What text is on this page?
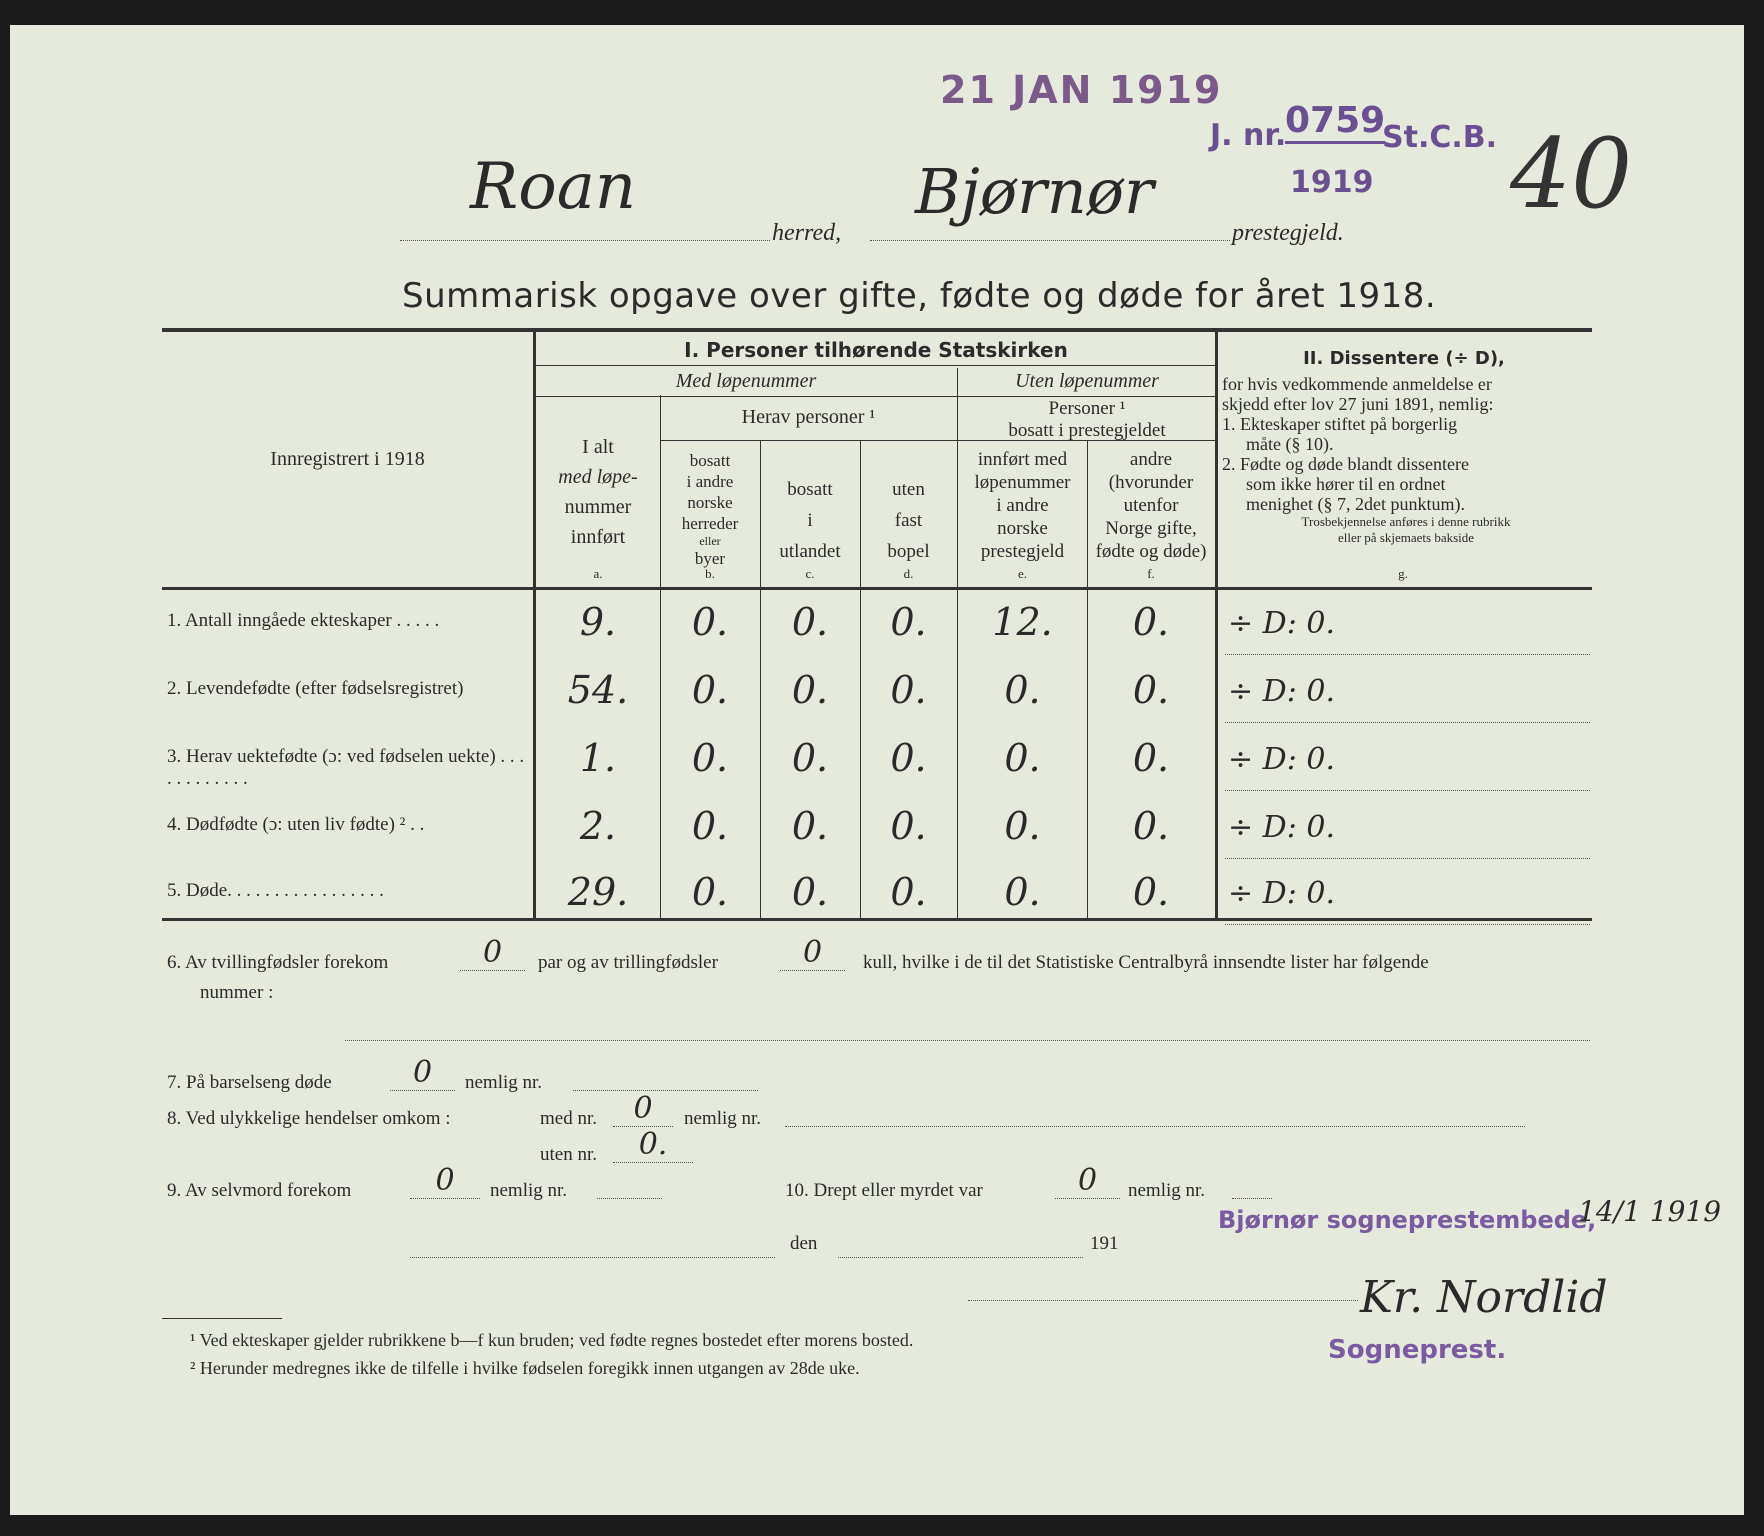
21 JAN 1919
J. nr.
0759
St.C.B.
1919 40
Roan
herred,
Bjørnør
prestegjeld.
Summarisk opgave over gifte, fødte og døde for året 1918.
Innregistrert i 1918
I. Personer tilhørende Statskirken
Med løpenummer	Uten løpenummer
I alt
med løpe-
nummer
innført
Herav personer ¹
bosatt
i andre
norske
herreder
eller
byer
bosatt
i
utlandet
uten
fast
bopel
Personer ¹
bosatt i prestegjeldet
innført med
løpenummer
i andre
norske
prestegjeld
andre
(hvorunder
utenfor
Norge gifte,
fødte og døde)
a.	b.	c.	d.	e.	f.	g.
II. Dissentere (÷ D),
for hvis vedkommende anmeldelse er
skjedd efter lov 27 juni 1891, nemlig:
1. Ekteskaper stiftet på borgerlig
måte (§ 10).
2. Fødte og døde blandt dissentere
som ikke hører til en ordnet
menighet (§ 7, 2det punktum).
Trosbekjennelse anføres i denne rubrikk
eller på skjemaets bakside
1. Antall inngåede ekteskaper . . . . .	9.	0.	0.	0.	12.	0.	÷ D: 0.
2. Levendefødte (efter fødselsregistret)	54.	0.	0.	0.	0.	0.	÷ D: 0.
3. Herav uektefødte (ɔ: ved fødselen uekte) . . . . . . . . . . . .	1.	0.	0.	0.	0.	0.	÷ D: 0.
4. Dødfødte (ɔ: uten liv fødte) ² . .	2.	0.	0.	0.	0.	0.	÷ D: 0.
5. Døde. . . . . . . . . . . . . . . . .	29.	0.	0.	0.	0.	0.	÷ D: 0.
6. Av tvillingfødsler forekom	0	par og av trillingfødsler	0	kull, hvilke i de til det Statistiske Centralbyrå innsendte lister har følgende
nummer :
7. På barselseng døde	0	nemlig nr.
8. Ved ulykkelige hendelser omkom :	med nr.	0	nemlig nr.
uten nr.	0.
9. Av selvmord forekom	0	nemlig nr.	10. Drept eller myrdet var	0	nemlig nr.
Bjørnør sogneprestembede,
14/1 1919
den	191
Kr. Nordlid
Sogneprest.
¹ Ved ekteskaper gjelder rubrikkene b—f kun bruden; ved fødte regnes bostedet efter morens bosted.
² Herunder medregnes ikke de tilfelle i hvilke fødselen foregikk innen utgangen av 28de uke.
